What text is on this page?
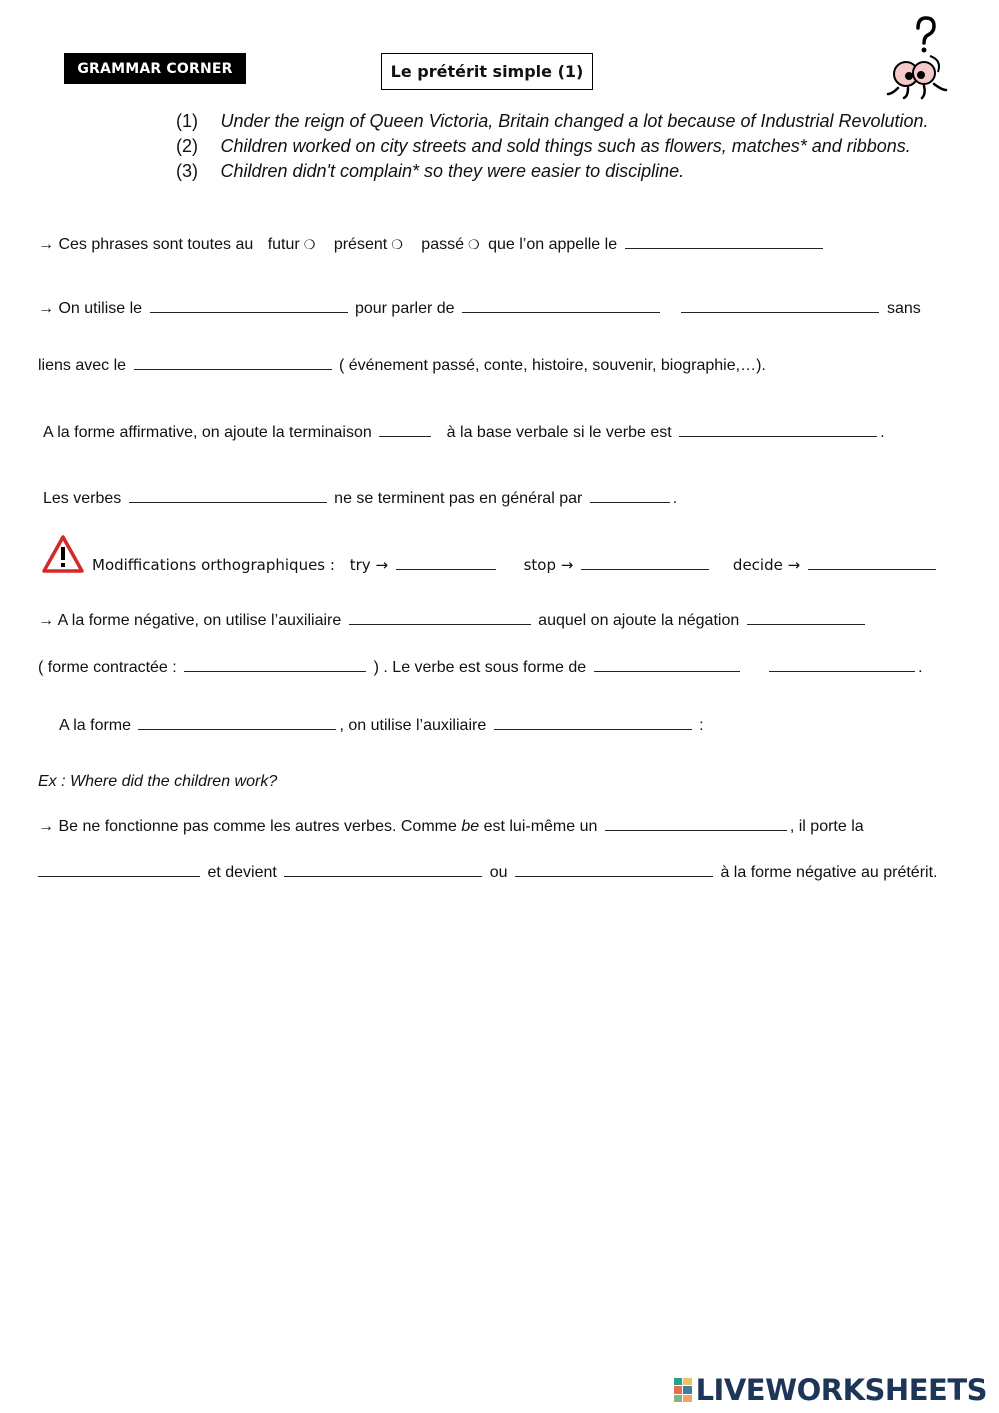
GRAMMAR CORNER	Le prétérit simple (1)
(1) Under the reign of Queen Victoria, Britain changed a lot because of Industrial Revolution.
(2) Children worked on city streets and sold things such as flowers, matches* and ribbons.
(3) Children didn't complain* so they were easier to discipline.
→ Ces phrases sont toutes au futur ❍ présent ❍ passé ❍ que l’on appelle le
→ On utilise le	pour parler de	sans
liens avec le	( événement passé, conte, histoire, souvenir, biographie,…).
A la forme affirmative, on ajoute la terminaison	à la base verbale si le verbe est	.
Les verbes	ne se terminent pas en général par	.
Modiffications orthographiques : try →	stop →	decide →
→ A la forme négative, on utilise l’auxiliaire	auquel on ajoute la négation
( forme contractée :	) . Le verbe est sous forme de	.
A la forme	, on utilise l’auxiliaire	:
Ex : Where did the children work?
→ Be ne fonctionne pas comme les autres verbes. Comme be est lui-même un	, il porte la
et devient	ou	à la forme négative au prétérit.
LIVEWORKSHEETS
